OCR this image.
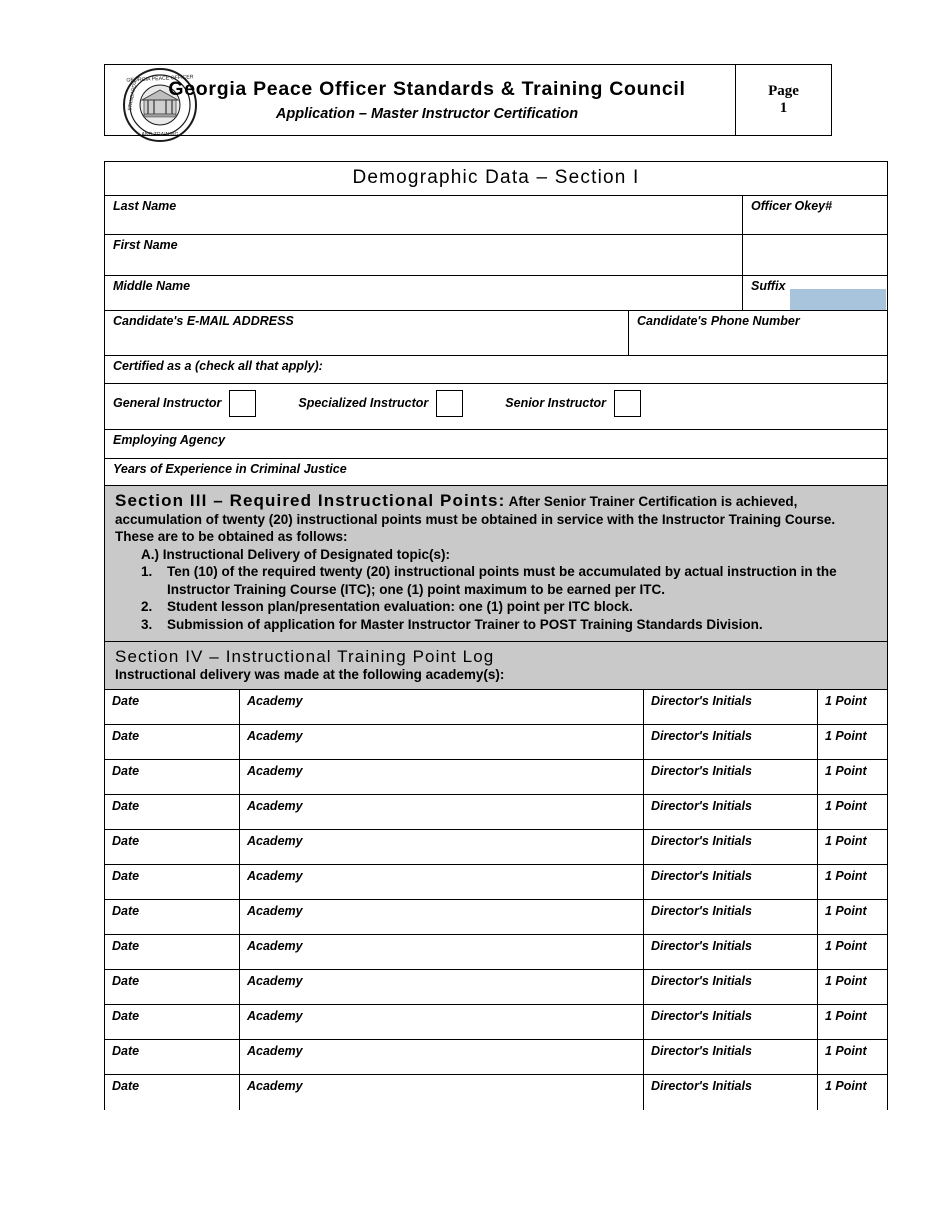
GEORGIA PEACE OFFICER
AND TRAINING
STANDARDS Georgia Peace Officer Standards & Training Council
Application – Master Instructor Certification
Page
1
Demographic Data – Section I
Last Name	Officer Okey#
First Name
Middle Name	Suffix
Candidate's E-MAIL ADDRESS	Candidate's Phone Number
Certified as a (check all that apply):
General Instructor	Specialized Instructor	Senior Instructor
Employing Agency
Years of Experience in Criminal Justice

Section III – Required Instructional Points: After Senior Trainer Certification is achieved, accumulation of twenty (20) instructional points must be obtained in service with the Instructor Training Course. These are to be obtained as follows:

A.) Instructional Delivery of Designated topic(s):

1.	Ten (10) of the required twenty (20) instructional points must be accumulated by actual instruction in the Instructor Training Course (ITC); one (1) point maximum to be earned per ITC.
2.	Student lesson plan/presentation evaluation: one (1) point per ITC block.
3.	Submission of application for Master Instructor Trainer to POST Training Standards Division.

Section IV – Instructional Training Point Log

Instructional delivery was made at the following academy(s):

Date	Academy	Director's Initials	1 Point
Date	Academy	Director's Initials	1 Point
Date	Academy	Director's Initials	1 Point
Date	Academy	Director's Initials	1 Point
Date	Academy	Director's Initials	1 Point
Date	Academy	Director's Initials	1 Point
Date	Academy	Director's Initials	1 Point
Date	Academy	Director's Initials	1 Point
Date	Academy	Director's Initials	1 Point
Date	Academy	Director's Initials	1 Point
Date	Academy	Director's Initials	1 Point
Date	Academy	Director's Initials	1 Point
